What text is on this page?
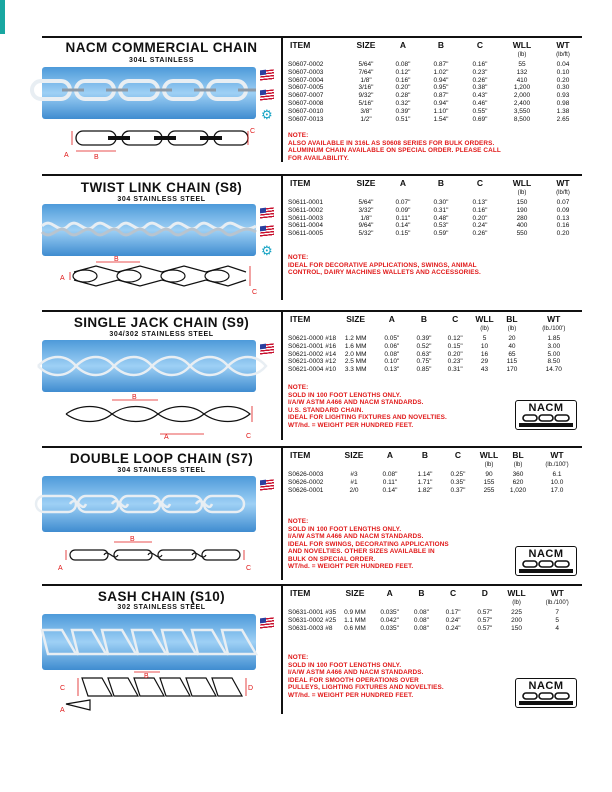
NACM COMMERCIAL CHAIN
304L STAINLESS
⚙
A	B
C
ITEM	SIZE	A	B	C	WLL	WT
					(lb)	(lb/ft)
S0607-0002	5/64"	0.08"	0.87"	0.16"	55	0.04
S0607-0003	7/64"	0.12"	1.02"	0.23"	132	0.10
S0607-0004	1/8"	0.16"	0.94"	0.26"	410	0.20
S0607-0005	3/16"	0.20"	0.95"	0.38"	1,200	0.30
S0607-0007	9/32"	0.28"	0.87"	0.43"	2,000	0.93
S0607-0008	5/16"	0.32"	0.94"	0.46"	2,400	0.98
S0607-0010	3/8"	0.39"	1.10"	0.55"	3,550	1.38
S0607-0013	1/2"	0.51"	1.54"	0.69"	8,500	2.65
NOTE:
ALSO AVAILABLE IN 316L AS S0608 SERIES FOR BULK ORDERS.
ALUMINUM CHAIN AVAILABLE ON SPECIAL ORDER. PLEASE CALL
FOR AVAILABILITY.
TWIST LINK CHAIN (S8)
304 STAINLESS STEEL
⚙
B
A
C
ITEM	SIZE	A	B	C	WLL	WT
					(lb)	(lb/ft)
S0611-0001	5/64"	0.07"	0.30"	0.13"	150	0.07
S0611-0002	3/32"	0.09"	0.31"	0.16"	190	0.09
S0611-0003	1/8"	0.11"	0.48"	0.20"	280	0.13
S0611-0004	9/64"	0.14"	0.53"	0.24"	400	0.16
S0611-0005	5/32"	0.15"	0.59"	0.26"	550	0.20
NOTE:
IDEAL FOR DECORATIVE APPLICATIONS, SWINGS, ANIMAL
CONTROL, DAIRY MACHINES WALLETS AND ACCESSORIES.
SINGLE JACK CHAIN (S9)
304/302 STAINLESS STEEL
B
A	C
ITEM	SIZE	A	B	C	WLL	BL	WT
					(lb)	(lb)	(lb./100')
S0621-0000 #18	1.2 MM	0.05"	0.39"	0.12"	5	20	1.85
S0621-0001 #16	1.6 MM	0.06"	0.52"	0.15"	10	40	3.00
S0621-0002 #14	2.0 MM	0.08"	0.63"	0.20"	16	65	5.00
S0621-0003 #12	2.5 MM	0.10"	0.75"	0.23"	29	115	8.50
S0621-0004 #10	3.3 MM	0.13"	0.85"	0.31"	43	170	14.70
NOTE:
SOLD IN 100 FOOT LENGTHS ONLY.
I/A/W ASTM A466 AND NACM STANDARDS.
U.S. STANDARD CHAIN.
IDEAL FOR LIGHTING FIXTURES AND NOVELTIES.
WT/hd. = WEIGHT PER HUNDRED FEET.
NACM
DOUBLE LOOP CHAIN (S7)
304 STAINLESS STEEL
B
A	C
ITEM	SIZE	A	B	C	WLL	BL	WT
					(lb)	(lb)	(lb./100')
S0626-0003	#3	0.08"	1.14"	0.25"	90	360	6.1
S0626-0002	#1	0.11"	1.71"	0.35"	155	620	10.0
S0626-0001	2/0	0.14"	1.82"	0.37"	255	1,020	17.0
NOTE:
SOLD IN 100 FOOT LENGTHS ONLY.
I/A/W ASTM A466 AND NACM STANDARDS.
IDEAL FOR SWINGS, DECORATING APPLICATIONS
AND NOVELTIES. OTHER SIZES AVAILABLE IN
BULK ON SPECIAL ORDER.
WT/hd. = WEIGHT PER HUNDRED FEET.
NACM
SASH CHAIN (S10)
302 STAINLESS STEEL
C
B
A
D
ITEM	SIZE	A	B	C	D	WLL	WT
						(lb)	(lb./100')
S0631-0001 #35	0.9 MM	0.035"	0.08"	0.17"	0.57"	225	7
S0631-0002 #25	1.1 MM	0.042"	0.08"	0.24"	0.57"	200	5
S0631-0003 #8	0.6 MM	0.035"	0.08"	0.24"	0.57"	150	4
NOTE:
SOLD IN 100 FOOT LENGTHS ONLY.
I/A/W ASTM A466 AND NACM STANDARDS.
IDEAL FOR SMOOTH OPERATIONS OVER
PULLEYS, LIGHTING FIXTURES AND NOVELTIES.
WT/hd. = WEIGHT PER HUNDRED FEET.
NACM
